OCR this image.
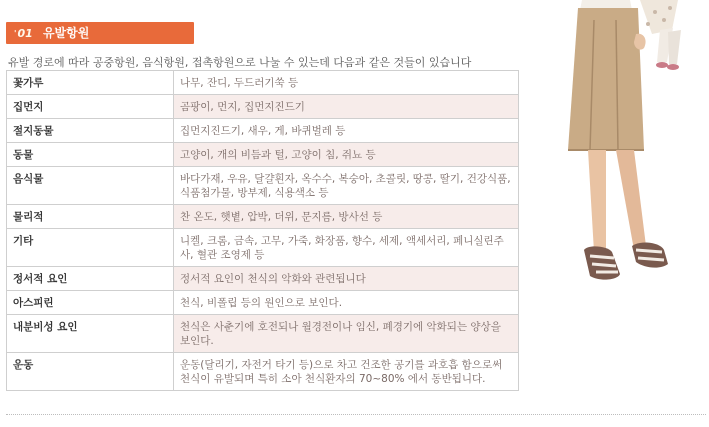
'01 유발항원
유발 경로에 따라 공중항원, 음식항원, 접촉항원으로 나눌 수 있는데 다음과 같은 것들이 있습니다
꽃가루	나무, 잔디, 두드러기쑥 등
집먼지	곰팡이, 먼지, 집먼지진드기
절지동물	집먼지진드기, 새우, 게, 바퀴벌레 등
동물	고양이, 개의 비듬과 털, 고양이 침, 쥐뇨 등
음식물	바다가재, 우유, 달걀흰자, 옥수수, 복숭아, 초콜릿, 땅콩, 딸기, 건강식품, 식품첨가물, 방부제, 식용색소 등
물리적	찬 온도, 햇볕, 압박, 더위, 문지름, 방사선 등
기타	니켈, 크롬, 금속, 고무, 가죽, 화장품, 향수, 세제, 액세서리, 페니실린주사, 혈관 조영제 등
정서적 요인	정서적 요인이 천식의 악화와 관련됩니다
아스피린	천식, 비폴립 등의 원인으로 보인다.
내분비성 요인	천식은 사춘기에 호전되나 월경전이나 임신, 폐경기에 악화되는 양상을 보인다.
운동	운동(달리기, 자전거 타기 등)으로 차고 건조한 공기를 과호흡 함으로써 천식이 유발되며 특히 소아 천식환자의 70~80% 에서 동반됩니다.
